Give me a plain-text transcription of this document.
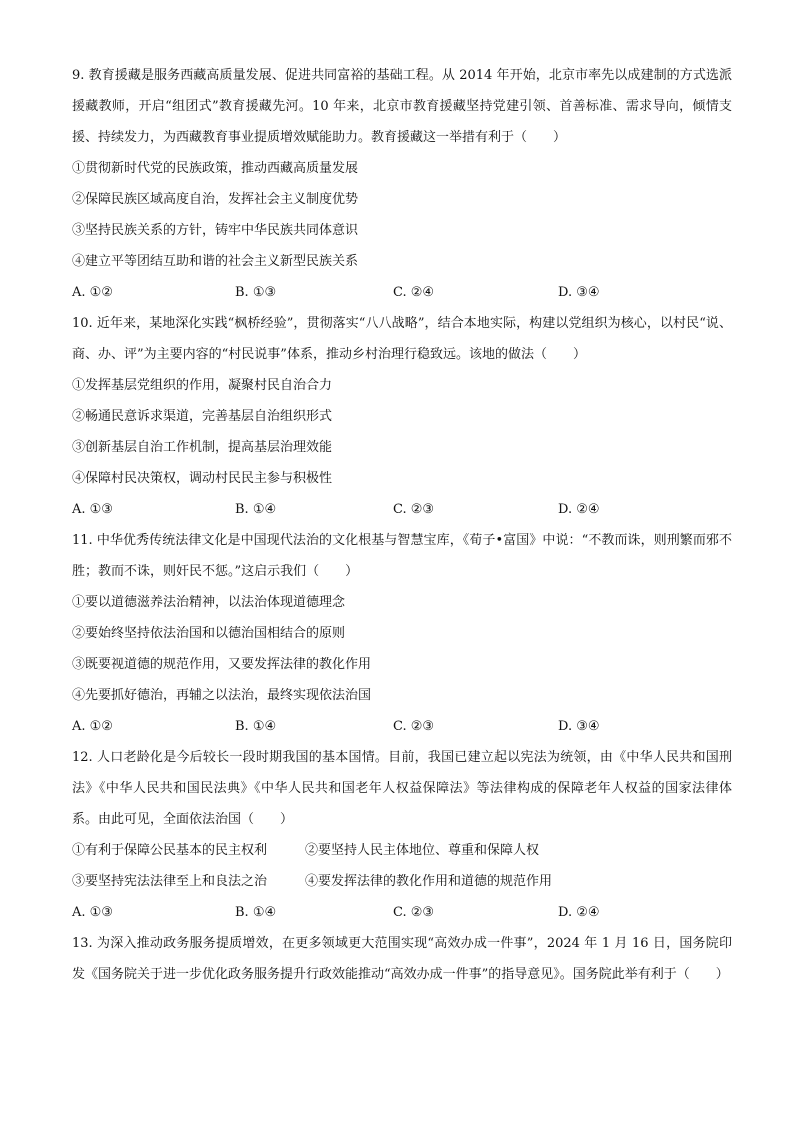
9. 教育援藏是服务西藏高质量发展、促进共同富裕的基础工程。从 2014 年开始，北京市率先以成建制的方式选派援藏教师，开启“组团式”教育援藏先河。10 年来，北京市教育援藏坚持党建引领、首善标准、需求导向，倾情支援、持续发力，为西藏教育事业提质增效赋能助力。教育援藏这一举措有利于（　　）

①贯彻新时代党的民族政策，推动西藏高质量发展

②保障民族区域高度自治，发挥社会主义制度优势

③坚持民族关系的方针，铸牢中华民族共同体意识

④建立平等团结互助和谐的社会主义新型民族关系

A. ①②	B. ①③	C. ②④	D. ③④

10. 近年来，某地深化实践“枫桥经验”，贯彻落实“八八战略”，结合本地实际，构建以党组织为核心，以村民“说、商、办、评”为主要内容的“村民说事”体系，推动乡村治理行稳致远。该地的做法（　　）

①发挥基层党组织的作用，凝聚村民自治合力

②畅通民意诉求渠道，完善基层自治组织形式

③创新基层自治工作机制，提高基层治理效能

④保障村民决策权，调动村民民主参与积极性

A. ①③	B. ①④	C. ②③	D. ②④

11. 中华优秀传统法律文化是中国现代法治的文化根基与智慧宝库，《荀子•富国》中说：“不教而诛，则刑繁而邪不胜；教而不诛，则奸民不惩。”这启示我们（　　）

①要以道德滋养法治精神，以法治体现道德理念

②要始终坚持依法治国和以德治国相结合的原则

③既要视道德的规范作用，又要发挥法律的教化作用

④先要抓好德治，再辅之以法治，最终实现依法治国

A. ①②	B. ①④	C. ②③	D. ③④

12. 人口老龄化是今后较长一段时期我国的基本国情。目前，我国已建立起以宪法为统领，由《中华人民共和国刑法》《中华人民共和国民法典》《中华人民共和国老年人权益保障法》等法律构成的保障老年人权益的国家法律体系。由此可见，全面依法治国（　　）

①有利于保障公民基本的民主权利	②要坚持人民主体地位、尊重和保障人权

③要坚持宪法法律至上和良法之治	④要发挥法律的教化作用和道德的规范作用

A. ①③	B. ①④	C. ②③	D. ②④

13. 为深入推动政务服务提质增效，在更多领域更大范围实现“高效办成一件事”，2024 年 1 月 16 日，国务院印发《国务院关于进一步优化政务服务提升行政效能推动“高效办成一件事”的指导意见》。国务院此举有利于（　　）
